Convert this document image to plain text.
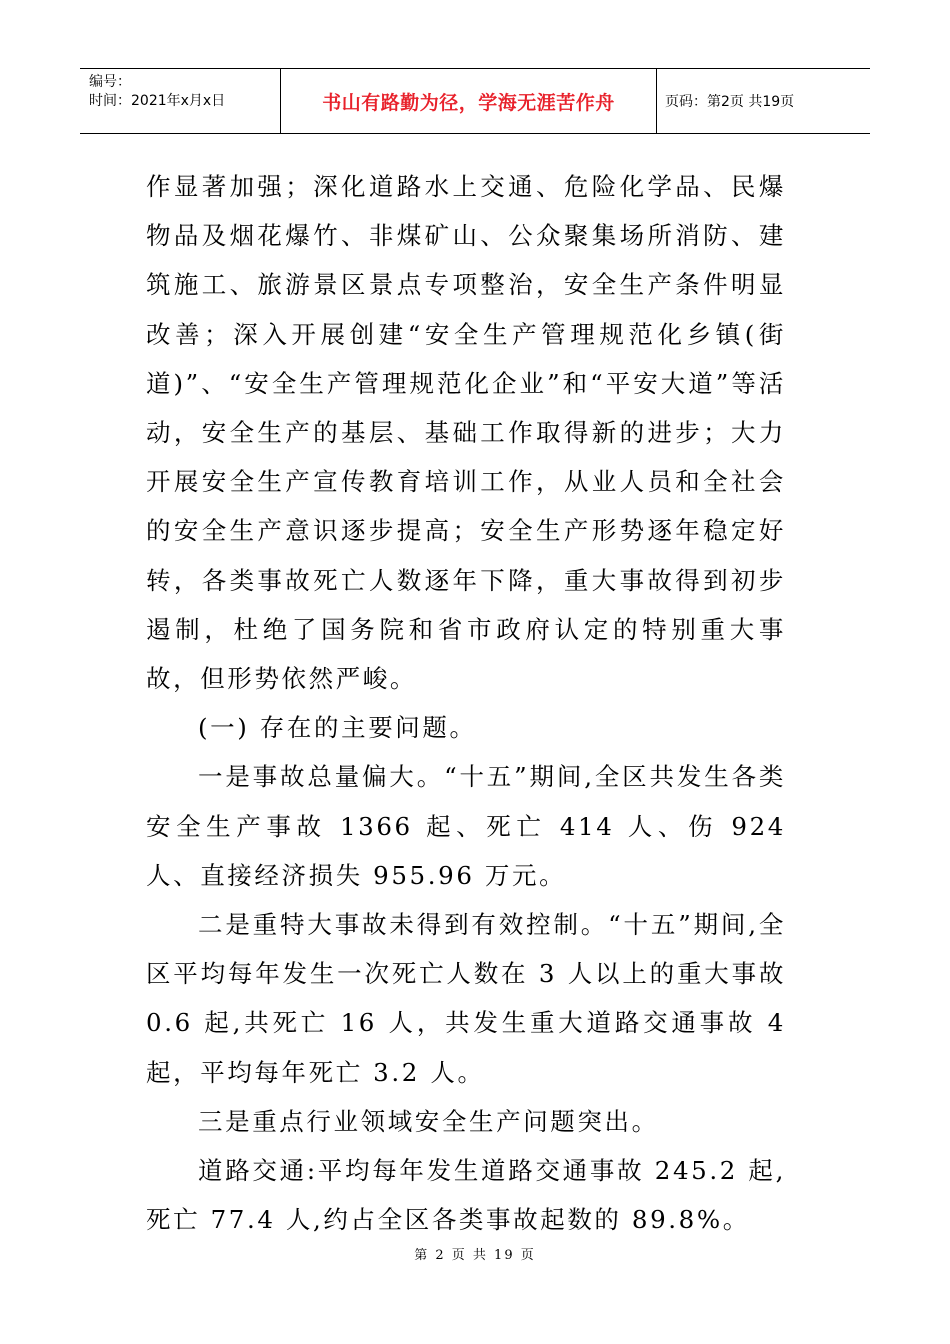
编号：
时间：2021年x月x日	书山有路勤为径，学海无涯苦作舟	页码：第2页 共19页

作显著加强；深化道路水上交通、危险化学品、民爆物品及烟花爆竹、非煤矿山、公众聚集场所消防、建筑施工、旅游景区景点专项整治，安全生产条件明显改善；深入开展创建“安全生产管理规范化乡镇(街道)”、“安全生产管理规范化企业”和“平安大道”等活动，安全生产的基层、基础工作取得新的进步；大力开展安全生产宣传教育培训工作，从业人员和全社会的安全生产意识逐步提高；安全生产形势逐年稳定好转，各类事故死亡人数逐年下降，重大事故得到初步遏制，杜绝了国务院和省市政府认定的特别重大事故，但形势依然严峻。

(一) 存在的主要问题。

一是事故总量偏大。“十五”期间,全区共发生各类安全生产事故 1366 起、死亡 414 人、伤 924 人、直接经济损失 955.96 万元。

二是重特大事故未得到有效控制。“十五”期间,全区平均每年发生一次死亡人数在 3 人以上的重大事故 0.6 起,共死亡 16 人，共发生重大道路交通事故 4 起，平均每年死亡 3.2 人。

三是重点行业领域安全生产问题突出。

道路交通:平均每年发生道路交通事故 245.2 起,死亡 77.4 人,约占全区各类事故起数的 89.8%。

第 2 页 共 19 页
